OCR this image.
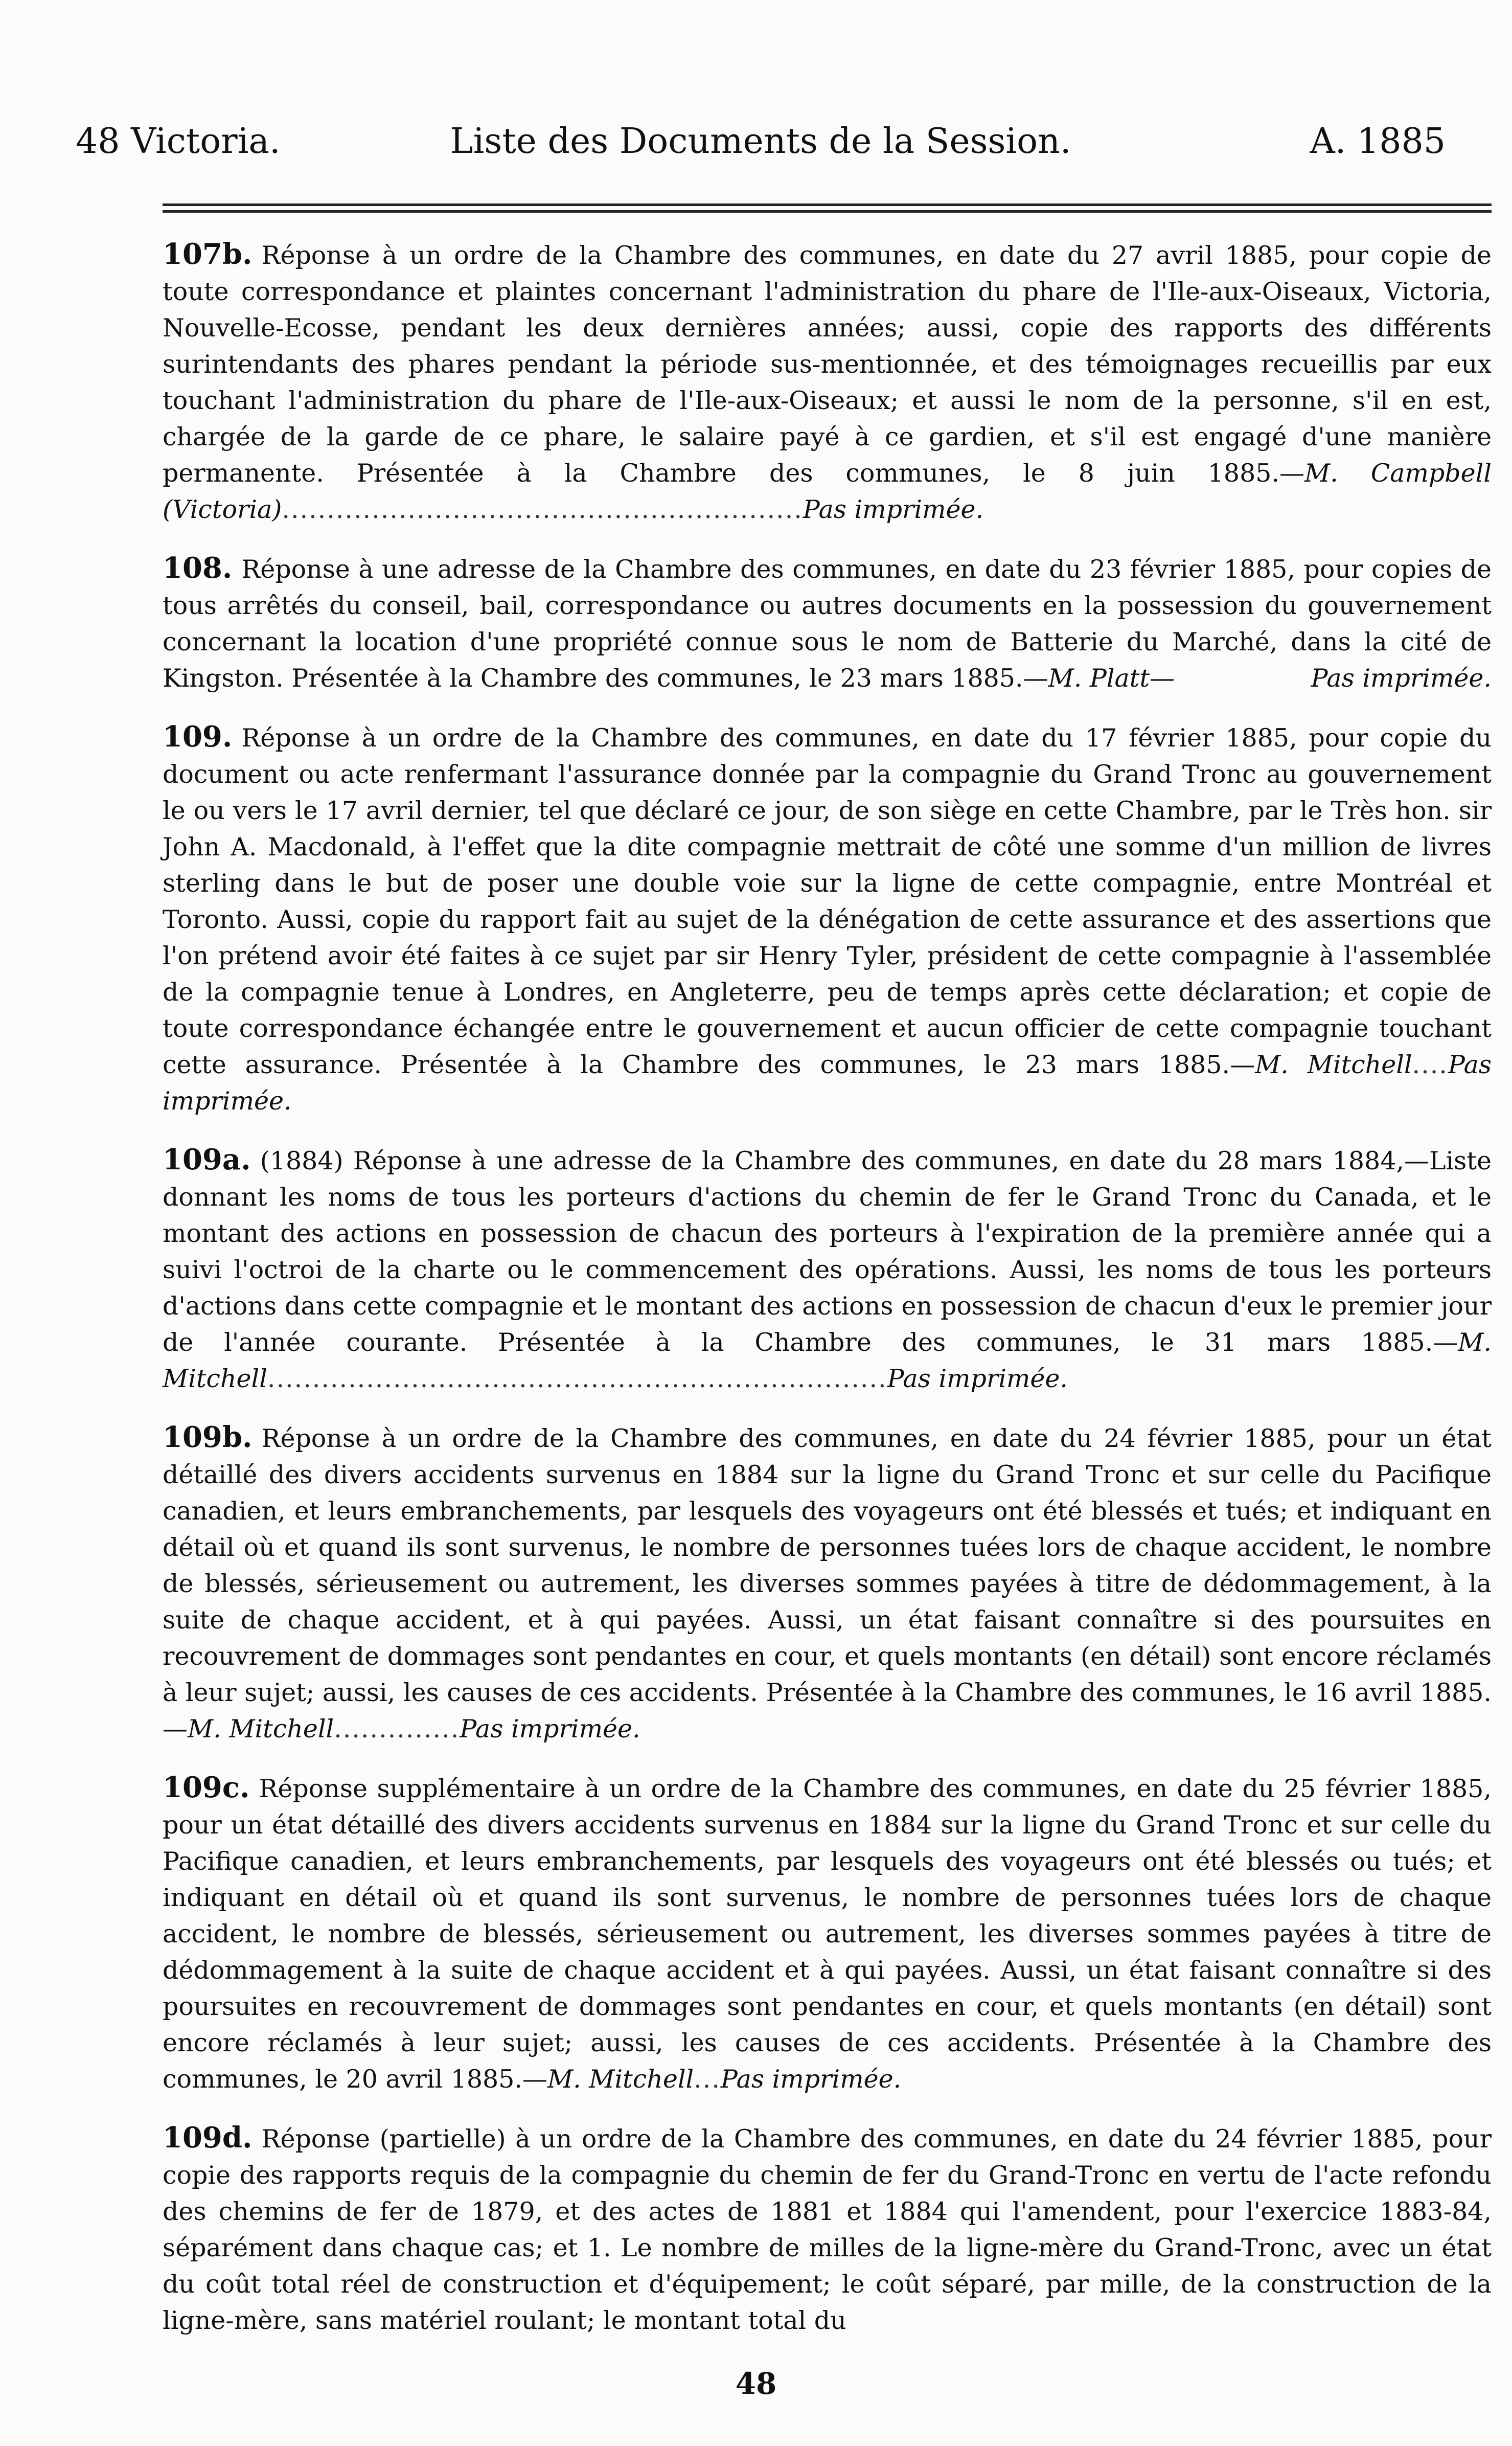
48 Victoria.	Liste des Documents de la Session.	A. 1885

107b. Réponse à un ordre de la Chambre des communes, en date du 27 avril 1885, pour copie de toute correspondance et plaintes concernant l'administration du phare de l'Ile-aux-Oiseaux, Victoria, Nouvelle-Ecosse, pendant les deux dernières années; aussi, copie des rapports des différents surintendants des phares pendant la période sus-mentionnée, et des témoignages recueillis par eux touchant l'administration du phare de l'Ile-aux-Oiseaux; et aussi le nom de la personne, s'il en est, chargée de la garde de ce phare, le salaire payé à ce gardien, et s'il est engagé d'une manière permanente. Présentée à la Chambre des communes, le 8 juin 1885.—M. Campbell (Victoria)..........................................................Pas imprimée.

108. Réponse à une adresse de la Chambre des communes, en date du 23 février 1885, pour copies de tous arrêtés du conseil, bail, correspondance ou autres documents en la possession du gouvernement concernant la location d'une propriété connue sous le nom de Batterie du Marché, dans la cité de Kingston. Présentée à la Chambre des communes, le 23 mars 1885.—M. Platt—	Pas imprimée.

109. Réponse à un ordre de la Chambre des communes, en date du 17 février 1885, pour copie du document ou acte renfermant l'assurance donnée par la compagnie du Grand Tronc au gouvernement le ou vers le 17 avril dernier, tel que déclaré ce jour, de son siège en cette Chambre, par le Très hon. sir John A. Macdonald, à l'effet que la dite compagnie mettrait de côté une somme d'un million de livres sterling dans le but de poser une double voie sur la ligne de cette compagnie, entre Montréal et Toronto. Aussi, copie du rapport fait au sujet de la dénégation de cette assurance et des assertions que l'on prétend avoir été faites à ce sujet par sir Henry Tyler, président de cette compagnie à l'assemblée de la compagnie tenue à Londres, en Angleterre, peu de temps après cette déclaration; et copie de toute correspondance échangée entre le gouvernement et aucun officier de cette compagnie touchant cette assurance. Présentée à la Chambre des communes, le 23 mars 1885.—M. Mitchell....Pas imprimée.

109a. (1884) Réponse à une adresse de la Chambre des communes, en date du 28 mars 1884,—Liste donnant les noms de tous les porteurs d'actions du chemin de fer le Grand Tronc du Canada, et le montant des actions en possession de chacun des porteurs à l'expiration de la première année qui a suivi l'octroi de la charte ou le commencement des opérations. Aussi, les noms de tous les porteurs d'actions dans cette compagnie et le montant des actions en possession de chacun d'eux le premier jour de l'année courante. Présentée à la Chambre des communes, le 31 mars 1885.—M. Mitchell.....................................................................Pas imprimée.

109b. Réponse à un ordre de la Chambre des communes, en date du 24 février 1885, pour un état détaillé des divers accidents survenus en 1884 sur la ligne du Grand Tronc et sur celle du Pacifique canadien, et leurs embranchements, par lesquels des voyageurs ont été blessés et tués; et indiquant en détail où et quand ils sont survenus, le nombre de personnes tuées lors de chaque accident, le nombre de blessés, sérieusement ou autrement, les diverses sommes payées à titre de dédommagement, à la suite de chaque accident, et à qui payées. Aussi, un état faisant connaître si des poursuites en recouvrement de dommages sont pendantes en cour, et quels montants (en détail) sont encore réclamés à leur sujet; aussi, les causes de ces accidents. Présentée à la Chambre des communes, le 16 avril 1885.—M. Mitchell..............Pas imprimée.

109c. Réponse supplémentaire à un ordre de la Chambre des communes, en date du 25 février 1885, pour un état détaillé des divers accidents survenus en 1884 sur la ligne du Grand Tronc et sur celle du Pacifique canadien, et leurs embranchements, par lesquels des voyageurs ont été blessés ou tués; et indiquant en détail où et quand ils sont survenus, le nombre de personnes tuées lors de chaque accident, le nombre de blessés, sérieusement ou autrement, les diverses sommes payées à titre de dédommagement à la suite de chaque accident et à qui payées. Aussi, un état faisant connaître si des poursuites en recouvrement de dommages sont pendantes en cour, et quels montants (en détail) sont encore réclamés à leur sujet; aussi, les causes de ces accidents. Présentée à la Chambre des communes, le 20 avril 1885.—M. Mitchell...Pas imprimée.

109d. Réponse (partielle) à un ordre de la Chambre des communes, en date du 24 février 1885, pour copie des rapports requis de la compagnie du chemin de fer du Grand-Tronc en vertu de l'acte refondu des chemins de fer de 1879, et des actes de 1881 et 1884 qui l'amendent, pour l'exercice 1883-84, séparément dans chaque cas; et 1. Le nombre de milles de la ligne-mère du Grand-Tronc, avec un état du coût total réel de construction et d'équipement; le coût séparé, par mille, de la construction de la ligne-mère, sans matériel roulant; le montant total du

48
